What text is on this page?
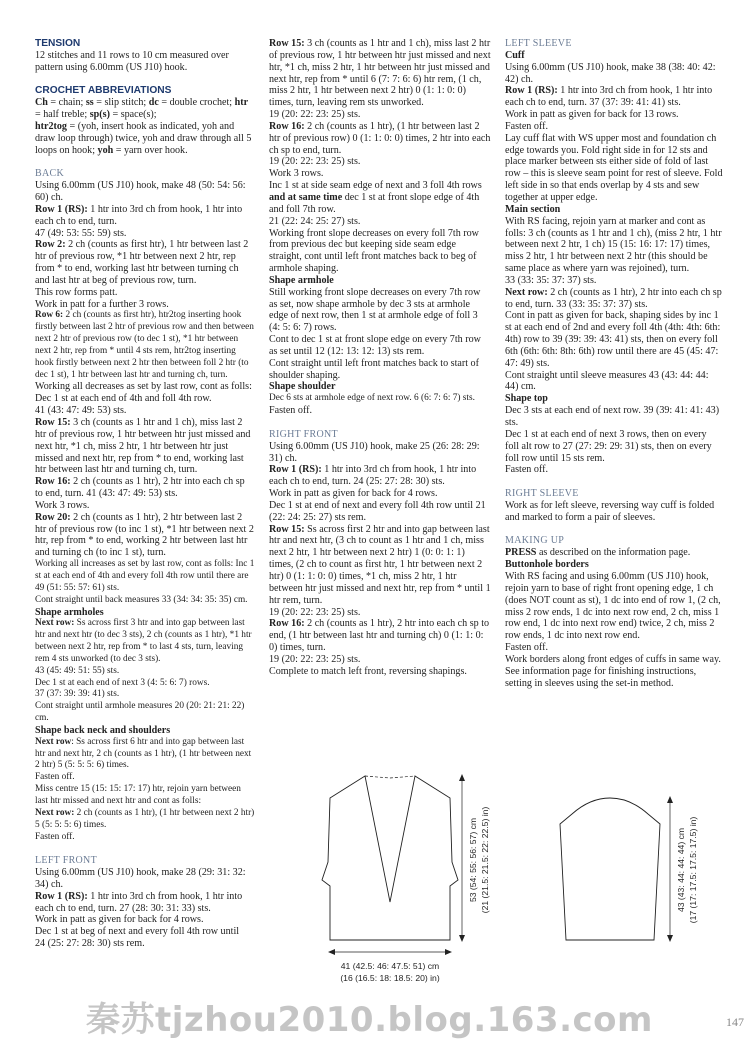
TENSION

12 stitches and 11 rows to 10 cm measured over pattern using 6.00mm (US J10) hook.

CROCHET ABBREVIATIONS

Ch = chain; ss = slip stitch; dc = double crochet; htr = half treble; sp(s) = space(s);
htr2tog = (yoh, insert hook as indicated, yoh and draw loop through) twice, yoh and draw through all 5 loops on hook; yoh = yarn over hook.

BACK

Using 6.00mm (US J10) hook, make 48 (50: 54: 56: 60) ch.

Row 1 (RS): 1 htr into 3rd ch from hook, 1 htr into each ch to end, turn.

47 (49: 53: 55: 59) sts.

Row 2: 2 ch (counts as first htr), 1 htr between last 2 htr of previous row, *1 htr between next 2 htr, rep from * to end, working last htr between turning ch and last htr at beg of previous row, turn.

This row forms patt.

Work in patt for a further 3 rows.

Row 6: 2 ch (counts as first htr), htr2tog inserting hook firstly between last 2 htr of previous row and then between next 2 htr of previous row (to dec 1 st), *1 htr between next 2 htr, rep from * until 4 sts rem, htr2tog inserting hook firstly between next 2 htr then between foll 2 htr (to dec 1 st), 1 htr between last htr and turning ch, turn.

Working all decreases as set by last row, cont as folls: Dec 1 st at each end of 4th and foll 4th row.

41 (43: 47: 49: 53) sts.

Row 15: 3 ch (counts as 1 htr and 1 ch), miss last 2 htr of previous row, 1 htr between htr just missed and next htr, *1 ch, miss 2 htr, 1 htr between htr just missed and next htr, rep from * to end, working last htr between last htr and turning ch, turn.

Row 16: 2 ch (counts as 1 htr), 2 htr into each ch sp to end, turn. 41 (43: 47: 49: 53) sts.

Work 3 rows.

Row 20: 2 ch (counts as 1 htr), 2 htr between last 2 htr of previous row (to inc 1 st), *1 htr between next 2 htr, rep from * to end, working 2 htr between last htr and turning ch (to inc 1 st), turn.

Working all increases as set by last row, cont as folls: Inc 1 st at each end of 4th and every foll 4th row until there are 49 (51: 55: 57: 61) sts.

Cont straight until back measures 33 (34: 34: 35: 35) cm.

Shape armholes

Next row: Ss across first 3 htr and into gap between last htr and next htr (to dec 3 sts), 2 ch (counts as 1 htr), *1 htr between next 2 htr, rep from * to last 4 sts, turn, leaving rem 4 sts unworked (to dec 3 sts).

43 (45: 49: 51: 55) sts.

Dec 1 st at each end of next 3 (4: 5: 6: 7) rows.

37 (37: 39: 39: 41) sts.

Cont straight until armhole measures 20 (20: 21: 21: 22) cm.

Shape back neck and shoulders

Next row: Ss across first 6 htr and into gap between last htr and next htr, 2 ch (counts as 1 htr), (1 htr between next 2 htr) 5 (5: 5: 5: 6) times.

Fasten off.

Miss centre 15 (15: 15: 17: 17) htr, rejoin yarn between last htr missed and next htr and cont as folls:

Next row: 2 ch (counts as 1 htr), (1 htr between next 2 htr) 5 (5: 5: 5: 6) times.

Fasten off.

LEFT FRONT

Using 6.00mm (US J10) hook, make 28 (29: 31: 32: 34) ch.

Row 1 (RS): 1 htr into 3rd ch from hook, 1 htr into each ch to end, turn. 27 (28: 30: 31: 33) sts.

Work in patt as given for back for 4 rows.

Dec 1 st at beg of next and every foll 4th row until

24 (25: 27: 28: 30) sts rem.

Row 15: 3 ch (counts as 1 htr and 1 ch), miss last 2 htr of previous row, 1 htr between htr just missed and next htr, *1 ch, miss 2 htr, 1 htr between htr just missed and next htr, rep from * until 6 (7: 7: 6: 6) htr rem, (1 ch, miss 2 htr, 1 htr between next 2 htr) 0 (1: 1: 0: 0) times, turn, leaving rem sts unworked.

19 (20: 22: 23: 25) sts.

Row 16: 2 ch (counts as 1 htr), (1 htr between last 2 htr of previous row) 0 (1: 1: 0: 0) times, 2 htr into each ch sp to end, turn.

19 (20: 22: 23: 25) sts.

Work 3 rows.

Inc 1 st at side seam edge of next and 3 foll 4th rows and at same time dec 1 st at front slope edge of 4th and foll 7th row.

21 (22: 24: 25: 27) sts.

Working front slope decreases on every foll 7th row from previous dec but keeping side seam edge straight, cont until left front matches back to beg of armhole shaping.

Shape armhole

Still working front slope decreases on every 7th row as set, now shape armhole by dec 3 sts at armhole edge of next row, then 1 st at armhole edge of foll 3 (4: 5: 6: 7) rows.

Cont to dec 1 st at front slope edge on every 7th row as set until 12 (12: 13: 12: 13) sts rem.

Cont straight until left front matches back to start of shoulder shaping.

Shape shoulder

Dec 6 sts at armhole edge of next row. 6 (6: 7: 6: 7) sts.

Fasten off.

RIGHT FRONT

Using 6.00mm (US J10) hook, make 25 (26: 28: 29: 31) ch.

Row 1 (RS): 1 htr into 3rd ch from hook, 1 htr into each ch to end, turn. 24 (25: 27: 28: 30) sts.

Work in patt as given for back for 4 rows.

Dec 1 st at end of next and every foll 4th row until 21 (22: 24: 25: 27) sts rem.

Row 15: Ss across first 2 htr and into gap between last htr and next htr, (3 ch to count as 1 htr and 1 ch, miss next 2 htr, 1 htr between next 2 htr) 1 (0: 0: 1: 1) times, (2 ch to count as first htr, 1 htr between next 2 htr) 0 (1: 1: 0: 0) times, *1 ch, miss 2 htr, 1 htr between htr just missed and next htr, rep from * until 1 htr rem, turn.

19 (20: 22: 23: 25) sts.

Row 16: 2 ch (counts as 1 htr), 2 htr into each ch sp to end, (1 htr between last htr and turning ch) 0 (1: 1: 0: 0) times, turn.

19 (20: 22: 23: 25) sts.

Complete to match left front, reversing shapings.

LEFT SLEEVE

Cuff

Using 6.00mm (US J10) hook, make 38 (38: 40: 42: 42) ch.

Row 1 (RS): 1 htr into 3rd ch from hook, 1 htr into each ch to end, turn. 37 (37: 39: 41: 41) sts.

Work in patt as given for back for 13 rows.

Fasten off.

Lay cuff flat with WS upper most and foundation ch edge towards you. Fold right side in for 12 sts and place marker between sts either side of fold of last row – this is sleeve seam point for rest of sleeve. Fold left side in so that ends overlap by 4 sts and sew together at upper edge.

Main section

With RS facing, rejoin yarn at marker and cont as folls: 3 ch (counts as 1 htr and 1 ch), (miss 2 htr, 1 htr between next 2 htr, 1 ch) 15 (15: 16: 17: 17) times, miss 2 htr, 1 htr between next 2 htr (this should be same place as where yarn was rejoined), turn.

33 (33: 35: 37: 37) sts.

Next row: 2 ch (counts as 1 htr), 2 htr into each ch sp to end, turn. 33 (33: 35: 37: 37) sts.

Cont in patt as given for back, shaping sides by inc 1 st at each end of 2nd and every foll 4th (4th: 4th: 6th: 4th) row to 39 (39: 39: 43: 41) sts, then on every foll 6th (6th: 6th: 8th: 6th) row until there are 45 (45: 47: 47: 49) sts.

Cont straight until sleeve measures 43 (43: 44: 44: 44) cm.

Shape top

Dec 3 sts at each end of next row. 39 (39: 41: 41: 43) sts.

Dec 1 st at each end of next 3 rows, then on every foll alt row to 27 (27: 29: 29: 31) sts, then on every foll row until 15 sts rem.

Fasten off.

RIGHT SLEEVE

Work as for left sleeve, reversing way cuff is folded and marked to form a pair of sleeves.

MAKING UP

PRESS as described on the information page.

Buttonhole borders

With RS facing and using 6.00mm (US J10) hook, rejoin yarn to base of right front opening edge, 1 ch (does NOT count as st), 1 dc into end of row 1, (2 ch, miss 2 row ends, 1 dc into next row end, 2 ch, miss 1 row end, 1 dc into next row end) twice, 2 ch, miss 2 row ends, 1 dc into next row end.

Fasten off.

Work borders along front edges of cuffs in same way. See information page for finishing instructions, setting in sleeves using the set-in method.

53 (54: 55: 56: 57) cm (21 (21.5: 21.5: 22: 22.5) in)
41 (42.5: 46: 47.5: 51) cm
(16 (16.5: 18: 18.5: 20) in)
43 (43: 44: 44: 44) cm (17 (17: 17.5: 17.5: 17.5) in)
秦苏tjzhou2010.blog.163.com	147
